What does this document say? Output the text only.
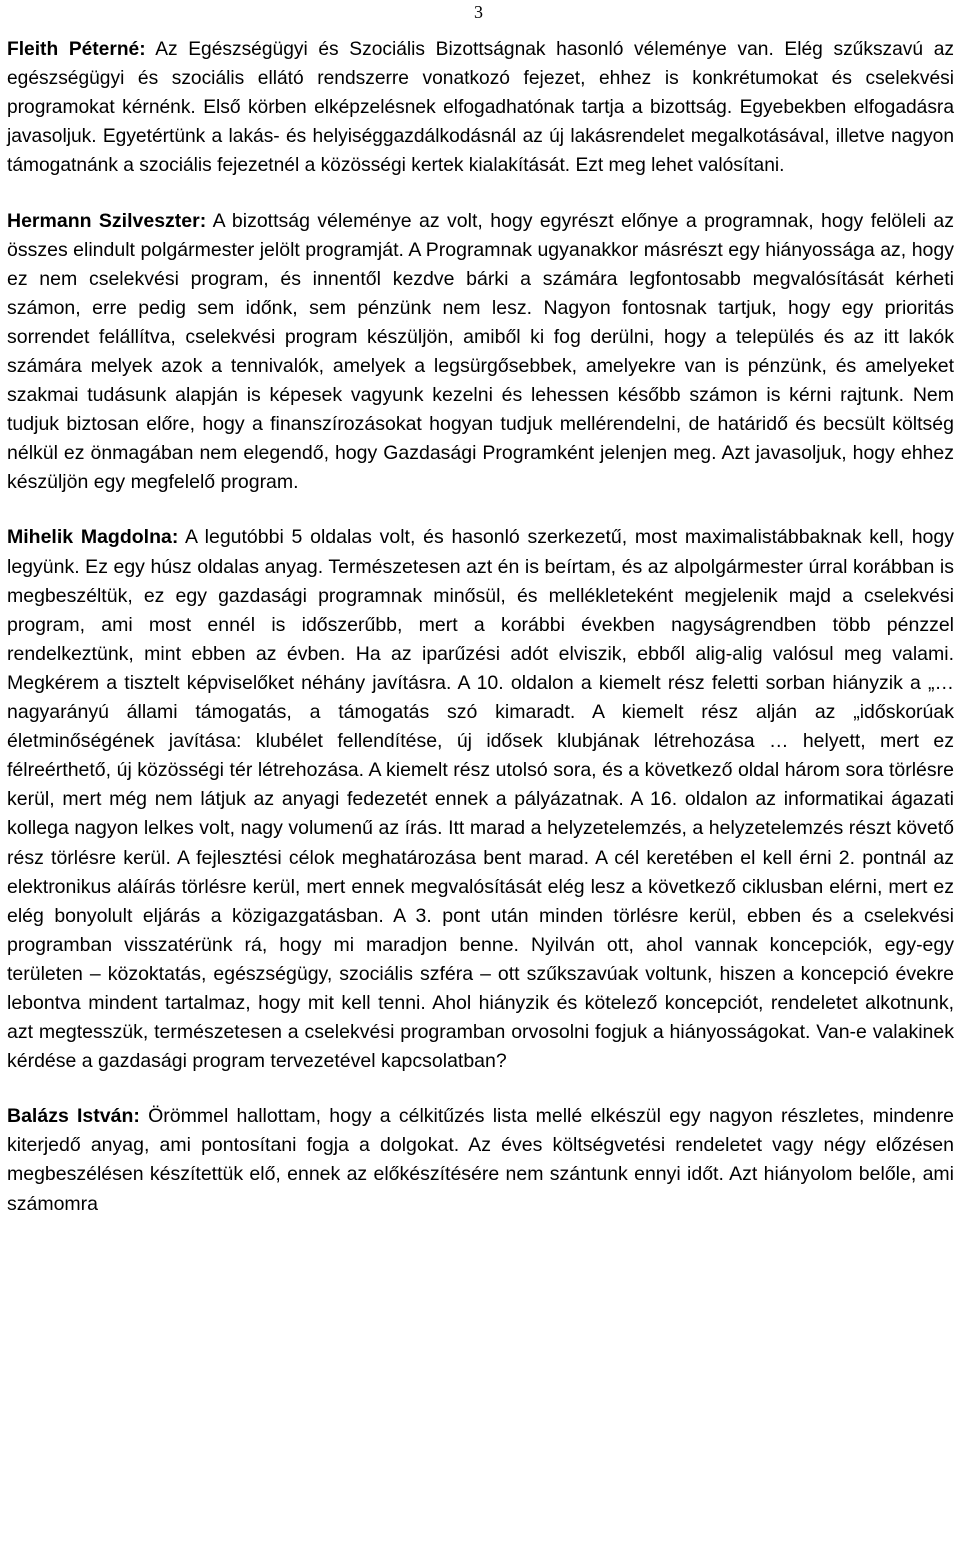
3

Fleith Péterné: Az Egészségügyi és Szociális Bizottságnak hasonló véleménye van. Elég szűkszavú az egészségügyi és szociális ellátó rendszerre vonatkozó fejezet, ehhez is konkrétumokat és cselekvési programokat kérnénk. Első körben elképzelésnek elfogadhatónak tartja a bizottság. Egyebekben elfogadásra javasoljuk. Egyetértünk a lakás- és helyiséggazdálkodásnál az új lakásrendelet megalkotásával, illetve nagyon támogatnánk a szociális fejezetnél a közösségi kertek kialakítását. Ezt meg lehet valósítani.

Hermann Szilveszter: A bizottság véleménye az volt, hogy egyrészt előnye a programnak, hogy felöleli az összes elindult polgármester jelölt programját. A Programnak ugyanakkor másrészt egy hiányossága az, hogy ez nem cselekvési program, és innentől kezdve bárki a számára legfontosabb megvalósítását kérheti számon, erre pedig sem időnk, sem pénzünk nem lesz. Nagyon fontosnak tartjuk, hogy egy prioritás sorrendet felállítva, cselekvési program készüljön, amiből ki fog derülni, hogy a település és az itt lakók számára melyek azok a tennivalók, amelyek a legsürgősebbek, amelyekre van is pénzünk, és amelyeket szakmai tudásunk alapján is képesek vagyunk kezelni és lehessen később számon is kérni rajtunk. Nem tudjuk biztosan előre, hogy a finanszírozásokat hogyan tudjuk mellérendelni, de határidő és becsült költség nélkül ez önmagában nem elegendő, hogy Gazdasági Programként jelenjen meg. Azt javasoljuk, hogy ehhez készüljön egy megfelelő program.

Mihelik Magdolna: A legutóbbi 5 oldalas volt, és hasonló szerkezetű, most maximalistábbaknak kell, hogy legyünk. Ez egy húsz oldalas anyag. Természetesen azt én is beírtam, és az alpolgármester úrral korábban is megbeszéltük, ez egy gazdasági programnak minősül, és mellékleteként megjelenik majd a cselekvési program, ami most ennél is időszerűbb, mert a korábbi években nagyságrendben több pénzzel rendelkeztünk, mint ebben az évben. Ha az iparűzési adót elviszik, ebből alig-alig valósul meg valami. Megkérem a tisztelt képviselőket néhány javításra. A 10. oldalon a kiemelt rész feletti sorban hiányzik a „…nagyarányú állami támogatás, a támogatás szó kimaradt. A kiemelt rész alján az „időskorúak életminőségének javítása: klubélet fellendítése, új idősek klubjának létrehozása … helyett, mert ez félreérthető, új közösségi tér létrehozása. A kiemelt rész utolsó sora, és a következő oldal három sora törlésre kerül, mert még nem látjuk az anyagi fedezetét ennek a pályázatnak. A 16. oldalon az informatikai ágazati kollega nagyon lelkes volt, nagy volumenű az írás. Itt marad a helyzetelemzés, a helyzetelemzés részt követő rész törlésre kerül. A fejlesztési célok meghatározása bent marad. A cél keretében el kell érni 2. pontnál az elektronikus aláírás törlésre kerül, mert ennek megvalósítását elég lesz a következő ciklusban elérni, mert ez elég bonyolult eljárás a közigazgatásban. A 3. pont után minden törlésre kerül, ebben és a cselekvési programban visszatérünk rá, hogy mi maradjon benne. Nyilván ott, ahol vannak koncepciók, egy-egy területen – közoktatás, egészségügy, szociális szféra – ott szűkszavúak voltunk, hiszen a koncepció évekre lebontva mindent tartalmaz, hogy mit kell tenni. Ahol hiányzik és kötelező koncepciót, rendeletet alkotnunk, azt megtesszük, természetesen a cselekvési programban orvosolni fogjuk a hiányosságokat. Van-e valakinek kérdése a gazdasági program tervezetével kapcsolatban?

Balázs István: Örömmel hallottam, hogy a célkitűzés lista mellé elkészül egy nagyon részletes, mindenre kiterjedő anyag, ami pontosítani fogja a dolgokat. Az éves költségvetési rendeletet vagy négy előzésen megbeszélésen készítettük elő, ennek az előkészítésére nem szántunk ennyi időt. Azt hiányolom belőle, ami számomra
